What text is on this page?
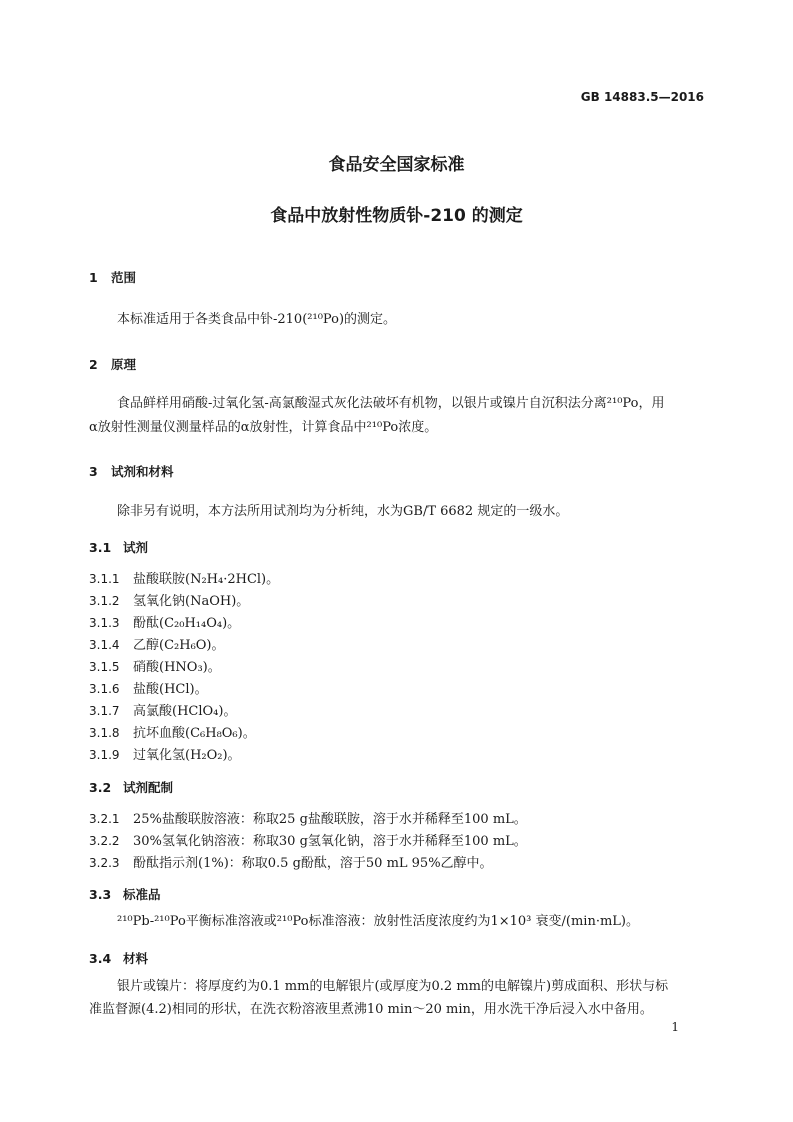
GB 14883.5—2016
食品安全国家标准
食品中放射性物质钋-210 的测定
1 范围
本标准适用于各类食品中钋-210(²¹⁰Po)的测定。
2 原理
食品鲜样用硝酸-过氧化氢-高氯酸湿式灰化法破坏有机物，以银片或镍片自沉积法分离²¹⁰Po，用
α放射性测量仪测量样品的α放射性，计算食品中²¹⁰Po浓度。
3 试剂和材料
除非另有说明，本方法所用试剂均为分析纯，水为GB/T 6682 规定的一级水。
3.1 试剂
3.1.1 盐酸联胺(N₂H₄·2HCl)。
3.1.2 氢氧化钠(NaOH)。
3.1.3 酚酞(C₂₀H₁₄O₄)。
3.1.4 乙醇(C₂H₆O)。
3.1.5 硝酸(HNO₃)。
3.1.6 盐酸(HCl)。
3.1.7 高氯酸(HClO₄)。
3.1.8 抗坏血酸(C₆H₈O₆)。
3.1.9 过氧化氢(H₂O₂)。
3.2 试剂配制
3.2.1 25%盐酸联胺溶液：称取25 g盐酸联胺，溶于水并稀释至100 mL。
3.2.2 30%氢氧化钠溶液：称取30 g氢氧化钠，溶于水并稀释至100 mL。
3.2.3 酚酞指示剂(1%)：称取0.5 g酚酞，溶于50 mL 95%乙醇中。
3.3 标准品
²¹⁰Pb-²¹⁰Po平衡标准溶液或²¹⁰Po标准溶液：放射性活度浓度约为1×10³ 衰变/(min·mL)。
3.4 材料
银片或镍片：将厚度约为0.1 mm的电解银片(或厚度为0.2 mm的电解镍片)剪成面积、形状与标
准监督源(4.2)相同的形状，在洗衣粉溶液里煮沸10 min～20 min，用水洗干净后浸入水中备用。
1
